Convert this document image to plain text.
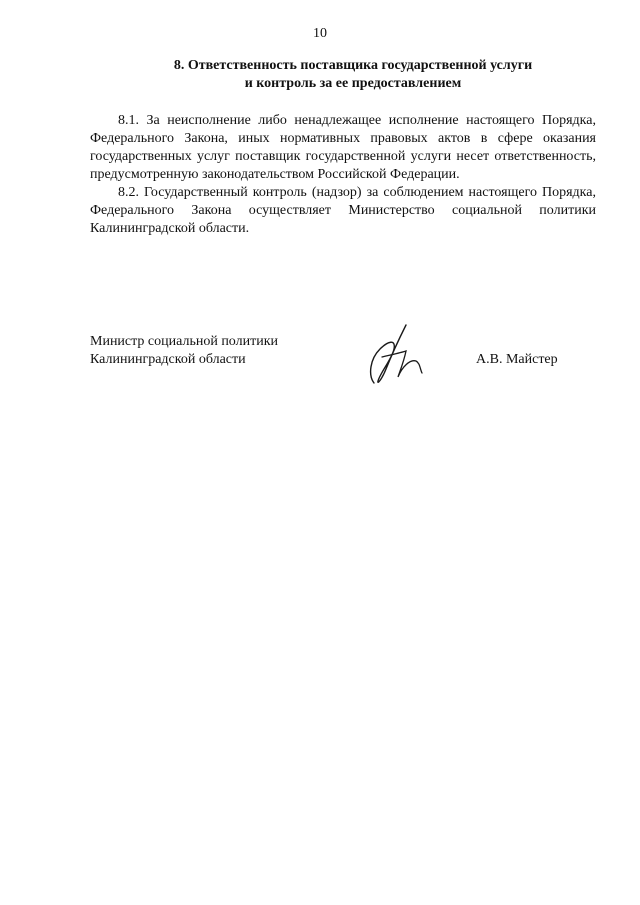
10
8. Ответственность поставщика государственной услуги
и контроль за ее предоставлением

8.1. За неисполнение либо ненадлежащее исполнение настоящего Порядка, Федерального Закона, иных нормативных правовых актов в сфере оказания государственных услуг поставщик государственной услуги несет ответственность, предусмотренную законодательством Российской Федерации.

8.2. Государственный контроль (надзор) за соблюдением настоящего Порядка, Федерального Закона осуществляет Министерство социальной политики Калининградской области.

Министр социальной политики
Калининградской области	А.В. Майстер
